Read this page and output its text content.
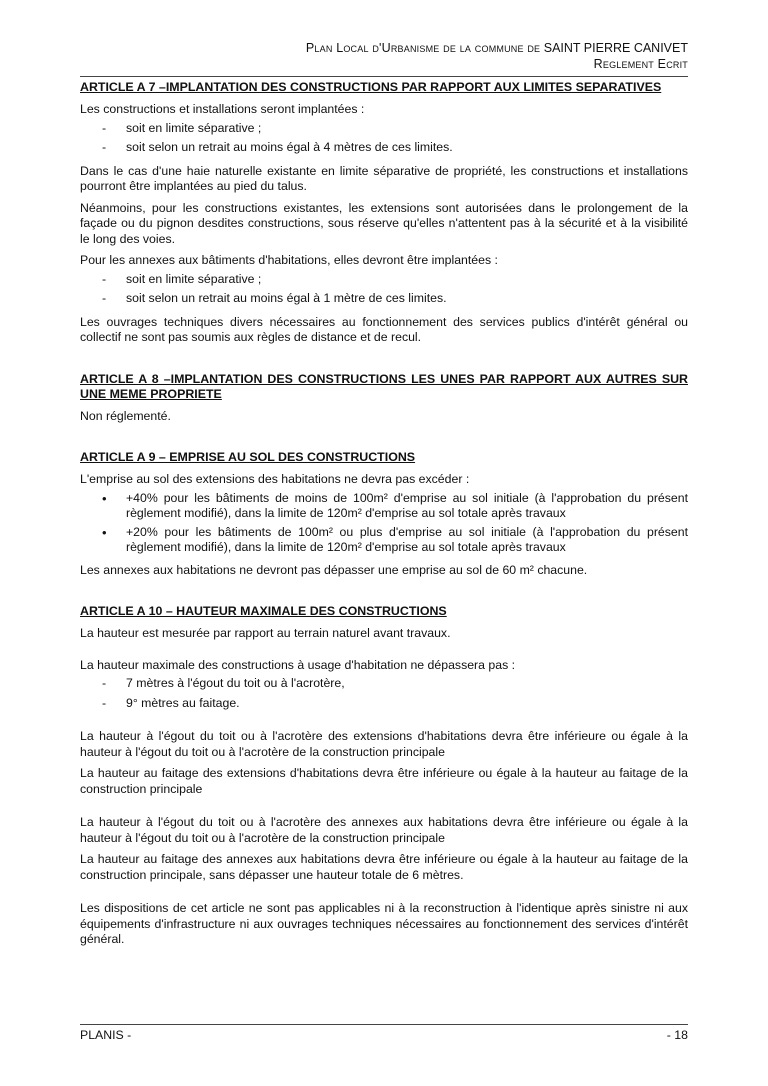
Plan Local d'Urbanisme de la commune de SAINT PIERRE CANIVET
Reglement Ecrit
ARTICLE A 7 –IMPLANTATION DES CONSTRUCTIONS PAR RAPPORT AUX LIMITES SEPARATIVES

Les constructions et installations seront implantées :

- soit en limite séparative ;
- soit selon un retrait au moins égal à 4 mètres de ces limites.

Dans le cas d'une haie naturelle existante en limite séparative de propriété, les constructions et installations pourront être implantées au pied du talus.

Néanmoins, pour les constructions existantes, les extensions sont autorisées dans le prolongement de la façade ou du pignon desdites constructions, sous réserve qu'elles n'attentent pas à la sécurité et à la visibilité le long des voies.

Pour les annexes aux bâtiments d'habitations, elles devront être implantées :

- soit en limite séparative ;
- soit selon un retrait au moins égal à 1 mètre de ces limites.

Les ouvrages techniques divers nécessaires au fonctionnement des services publics d'intérêt général ou collectif ne sont pas soumis aux règles de distance et de recul.

ARTICLE A 8 –IMPLANTATION DES CONSTRUCTIONS LES UNES PAR RAPPORT AUX AUTRES SUR UNE MEME PROPRIETE

Non réglementé.

ARTICLE A 9 – EMPRISE AU SOL DES CONSTRUCTIONS

L'emprise au sol des extensions des habitations ne devra pas excéder :

• +40% pour les bâtiments de moins de 100m² d'emprise au sol initiale (à l'approbation du présent règlement modifié), dans la limite de 120m² d'emprise au sol totale après travaux
• +20% pour les bâtiments de 100m² ou plus d'emprise au sol initiale (à l'approbation du présent règlement modifié), dans la limite de 120m² d'emprise au sol totale après travaux

Les annexes aux habitations ne devront pas dépasser une emprise au sol de 60 m² chacune.

ARTICLE A 10 – HAUTEUR MAXIMALE DES CONSTRUCTIONS

La hauteur est mesurée par rapport au terrain naturel avant travaux.

La hauteur maximale des constructions à usage d'habitation ne dépassera pas :

- 7 mètres à l'égout du toit ou à l'acrotère,
- 9° mètres au faitage.

La hauteur à l'égout du toit ou à l'acrotère des extensions d'habitations devra être inférieure ou égale à la hauteur à l'égout du toit ou à l'acrotère de la construction principale

La hauteur au faitage des extensions d'habitations devra être inférieure ou égale à la hauteur au faitage de la construction principale

La hauteur à l'égout du toit ou à l'acrotère des annexes aux habitations devra être inférieure ou égale à la hauteur à l'égout du toit ou à l'acrotère de la construction principale

La hauteur au faitage des annexes aux habitations devra être inférieure ou égale à la hauteur au faitage de la construction principale, sans dépasser une hauteur totale de 6 mètres.

Les dispositions de cet article ne sont pas applicables ni à la reconstruction à l'identique après sinistre ni aux équipements d'infrastructure ni aux ouvrages techniques nécessaires au fonctionnement des services d'intérêt général.

PLANIS -	- 18
